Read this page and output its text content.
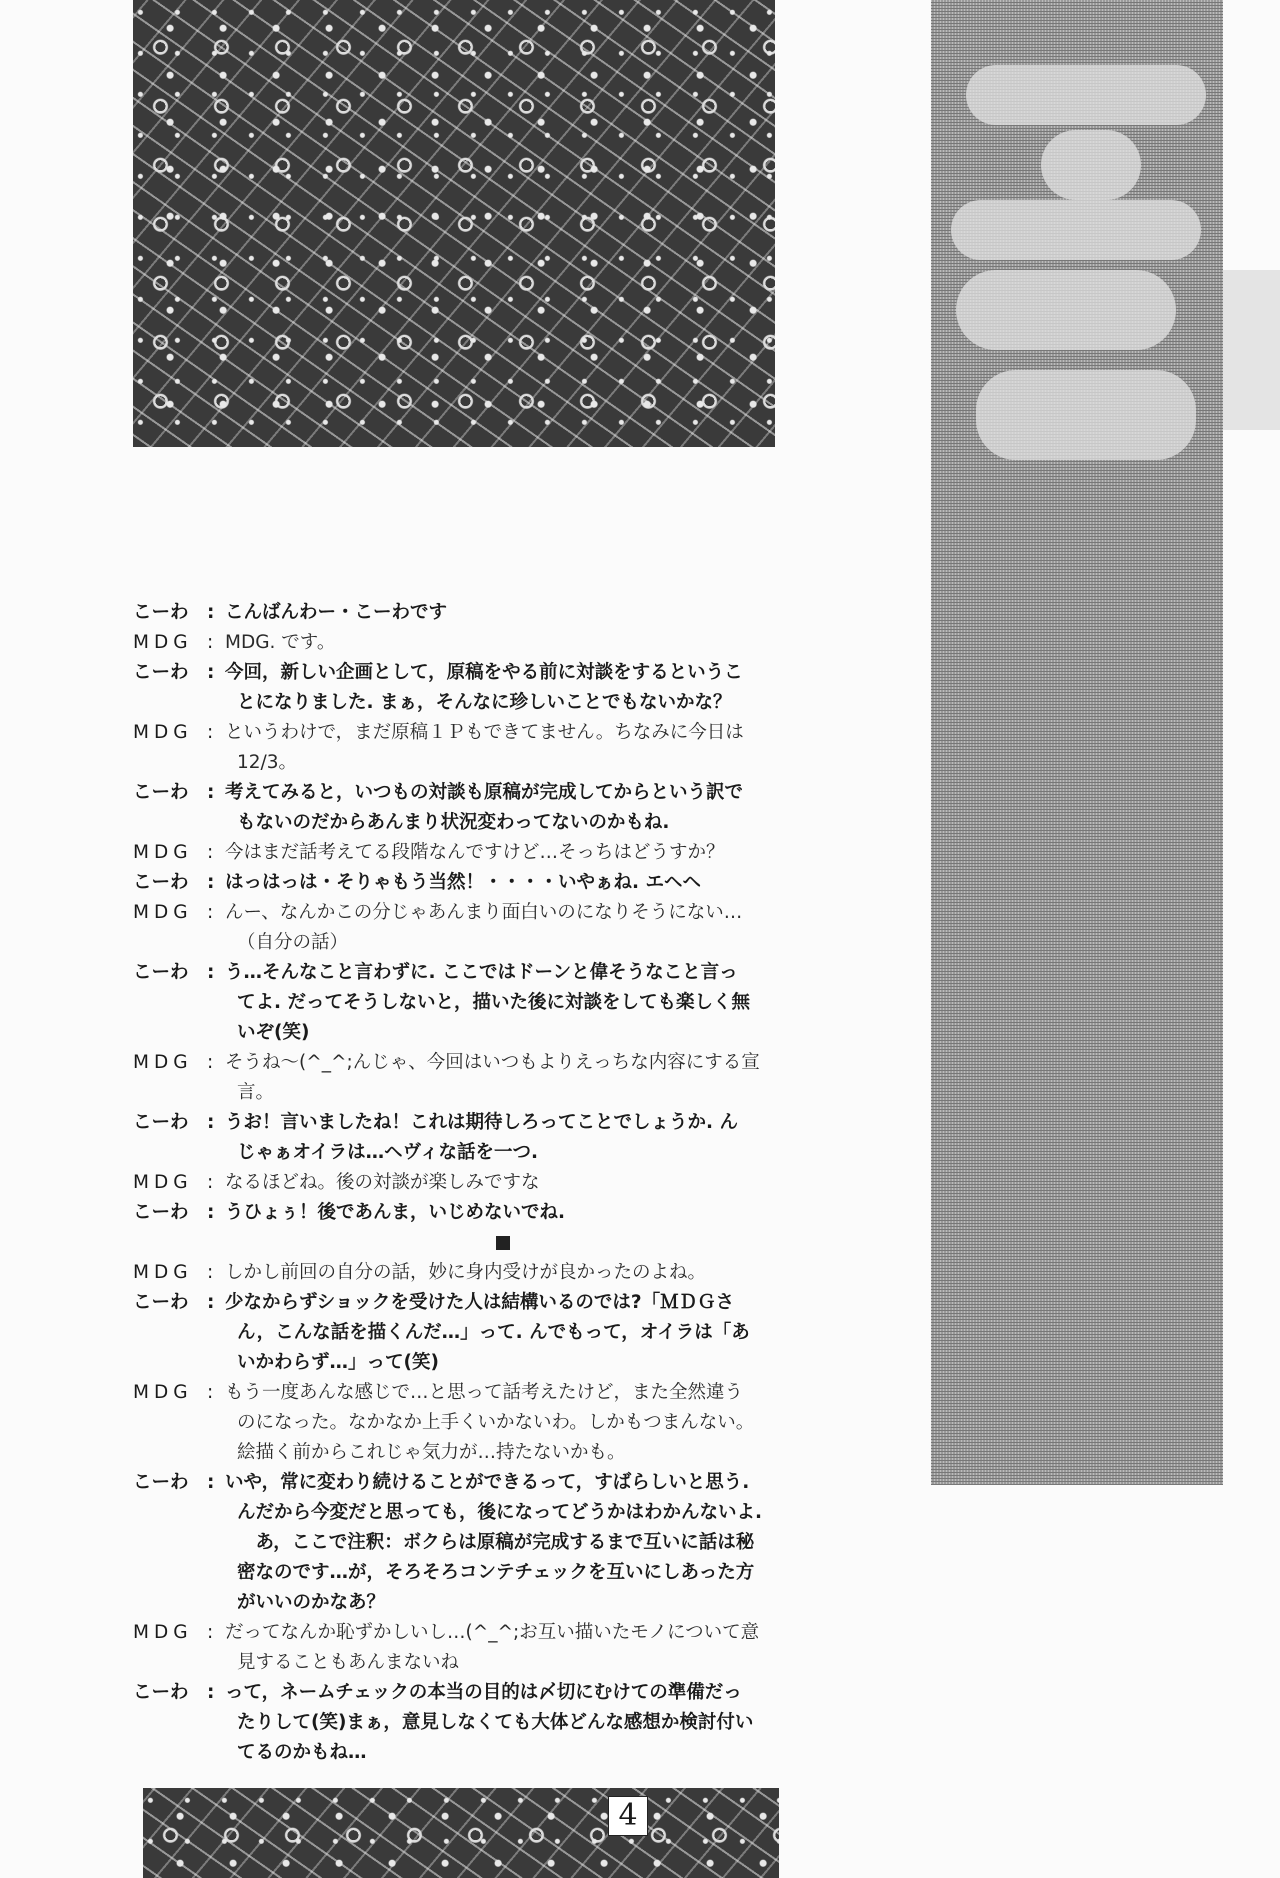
こーわ : こんばんわー・こーわです
MDG : MDG. です。
こーわ : 今回，新しい企画として，原稿をやる前に対談をするというこ
とになりました. まぁ，そんなに珍しいことでもないかな？
MDG : というわけで，まだ原稿１Ｐもできてません。ちなみに今日は
12/3。
こーわ : 考えてみると，いつもの対談も原稿が完成してからという訳で
もないのだからあんまり状況変わってないのかもね.
MDG : 今はまだ話考えてる段階なんですけど…そっちはどうすか？
こーわ : はっはっは・そりゃもう当然！・・・・いやぁね. エヘヘ
MDG : んー、なんかこの分じゃあんまり面白いのになりそうにない…
（自分の話）
こーわ : う…そんなこと言わずに. ここではドーンと偉そうなこと言っ
てよ. だってそうしないと，描いた後に対談をしても楽しく無
いぞ(笑)
MDG : そうね～(^_^;んじゃ、今回はいつもよりえっちな内容にする宣
言。
こーわ : うお！言いましたね！これは期待しろってことでしょうか. ん
じゃぁオイラは…ヘヴィな話を一つ.
MDG : なるほどね。後の対談が楽しみですな
こーわ : うひょぅ！後であんま，いじめないでね.
MDG : しかし前回の自分の話，妙に身内受けが良かったのよね。
こーわ : 少なからずショックを受けた人は結構いるのでは?「ＭＤＧさ
ん，こんな話を描くんだ…」って. んでもって，オイラは「あ
いかわらず…」って(笑)
MDG : もう一度あんな感じで…と思って話考えたけど，また全然違う
のになった。なかなか上手くいかないわ。しかもつまんない。
絵描く前からこれじゃ気力が…持たないかも。
こーわ : いや，常に変わり続けることができるって，すばらしいと思う.
んだから今変だと思っても，後になってどうかはわかんないよ.
　あ，ここで注釈：ボクらは原稿が完成するまで互いに話は秘
密なのです…が，そろそろコンテチェックを互いにしあった方
がいいのかなあ？
MDG : だってなんか恥ずかしいし…(^_^;お互い描いたモノについて意
見することもあんまないね
こーわ : って，ネームチェックの本当の目的は〆切にむけての準備だっ
たりして(笑)まぁ，意見しなくても大体どんな感想か検討付い
てるのかもね…
4
